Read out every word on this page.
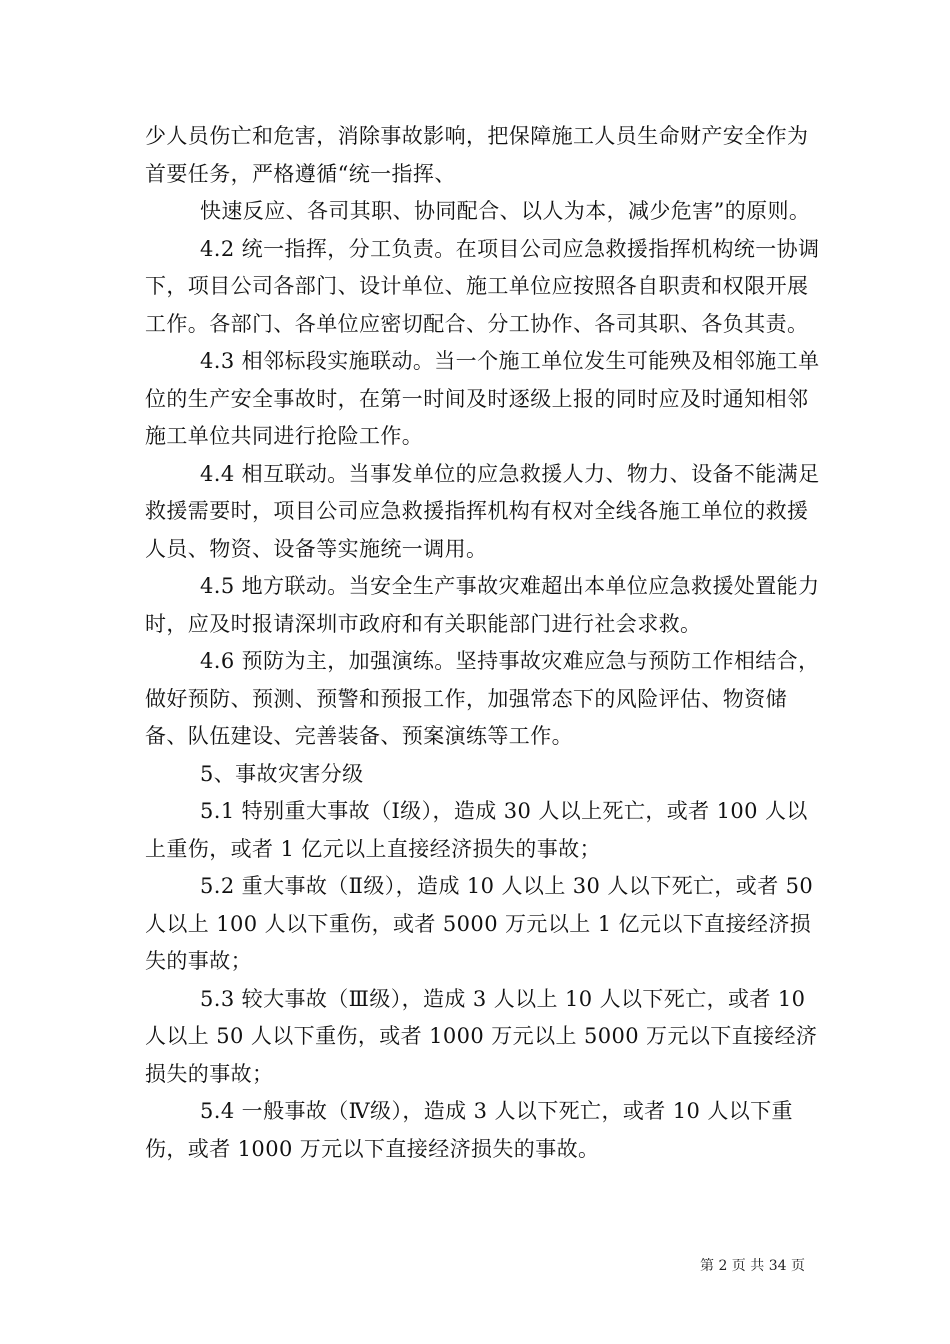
少人员伤亡和危害，消除事故影响，把保障施工人员生命财产安全作为首要任务，严格遵循“统一指挥、

快速反应、各司其职、协同配合、以人为本，减少危害”的原则。

4.2 统一指挥，分工负责。在项目公司应急救援指挥机构统一协调下，项目公司各部门、设计单位、施工单位应按照各自职责和权限开展工作。各部门、各单位应密切配合、分工协作、各司其职、各负其责。

4.3 相邻标段实施联动。当一个施工单位发生可能殃及相邻施工单位的生产安全事故时，在第一时间及时逐级上报的同时应及时通知相邻施工单位共同进行抢险工作。

4.4 相互联动。当事发单位的应急救援人力、物力、设备不能满足救援需要时，项目公司应急救援指挥机构有权对全线各施工单位的救援人员、物资、设备等实施统一调用。

4.5 地方联动。当安全生产事故灾难超出本单位应急救援处置能力时，应及时报请深圳市政府和有关职能部门进行社会求救。

4.6 预防为主，加强演练。坚持事故灾难应急与预防工作相结合，做好预防、预测、预警和预报工作，加强常态下的风险评估、物资储备、队伍建设、完善装备、预案演练等工作。

5、事故灾害分级

5.1 特别重大事故（Ⅰ级），造成 30 人以上死亡，或者 100 人以上重伤，或者 1 亿元以上直接经济损失的事故；

5.2 重大事故（Ⅱ级），造成 10 人以上 30 人以下死亡，或者 50 人以上 100 人以下重伤，或者 5000 万元以上 1 亿元以下直接经济损失的事故；

5.3 较大事故（Ⅲ级），造成 3 人以上 10 人以下死亡，或者 10 人以上 50 人以下重伤，或者 1000 万元以上 5000 万元以下直接经济损失的事故；

5.4 一般事故（Ⅳ级），造成 3 人以下死亡，或者 10 人以下重伤，或者 1000 万元以下直接经济损失的事故。

第 2 页 共 34 页
